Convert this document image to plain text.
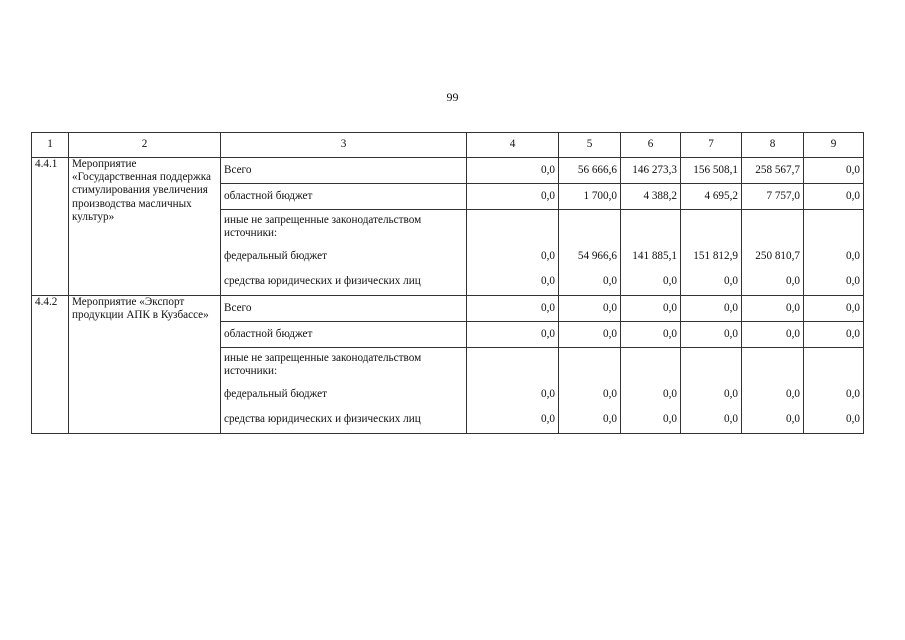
99
1	2	3	4	5	6	7	8	9
4.4.1	Мероприятие «Государственная поддержка стимулирования увеличения производства масличных культур»	Всего	0,0	56 666,6	146 273,3	156 508,1	258 567,7	0,0
		областной бюджет	0,0	1 700,0	4 388,2	4 695,2	7 757,0	0,0
		иные не запрещенные законодательством источники:						
		федеральный бюджет	0,0	54 966,6	141 885,1	151 812,9	250 810,7	0,0
		средства юридических и физических лиц	0,0	0,0	0,0	0,0	0,0	0,0
4.4.2	Мероприятие «Экспорт продукции АПК в Кузбассе»	Всего	0,0	0,0	0,0	0,0	0,0	0,0
		областной бюджет	0,0	0,0	0,0	0,0	0,0	0,0
		иные не запрещенные законодательством источники:						
		федеральный бюджет	0,0	0,0	0,0	0,0	0,0	0,0
		средства юридических и физических лиц	0,0	0,0	0,0	0,0	0,0	0,0
